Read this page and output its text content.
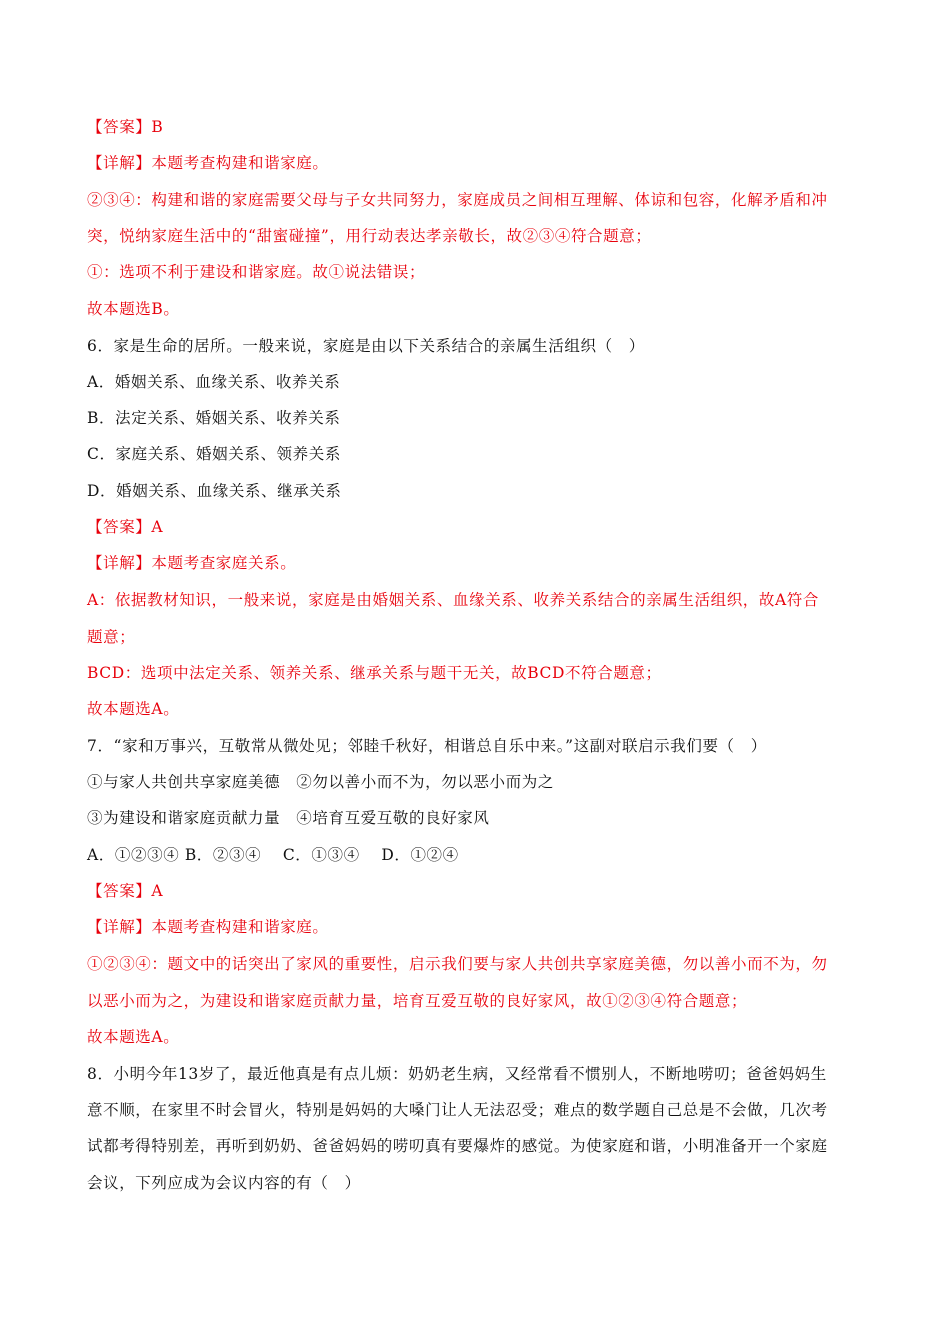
【答案】B
【详解】本题考查构建和谐家庭。
②③④：构建和谐的家庭需要父母与子女共同努力，家庭成员之间相互理解、体谅和包容，化解矛盾和冲
突，悦纳家庭生活中的“甜蜜碰撞”，用行动表达孝亲敬长，故②③④符合题意；
①：选项不利于建设和谐家庭。故①说法错误；
故本题选B。
6．家是生命的居所。一般来说，家庭是由以下关系结合的亲属生活组织（　）
A．婚姻关系、血缘关系、收养关系
B．法定关系、婚姻关系、收养关系
C．家庭关系、婚姻关系、领养关系
D．婚姻关系、血缘关系、继承关系
【答案】A
【详解】本题考查家庭关系。
A：依据教材知识，一般来说，家庭是由婚姻关系、血缘关系、收养关系结合的亲属生活组织，故A符合
题意；
BCD：选项中法定关系、领养关系、继承关系与题干无关，故BCD不符合题意；
故本题选A。
7．“家和万事兴，互敬常从微处见；邻睦千秋好，相谐总自乐中来。”这副对联启示我们要（　）
①与家人共创共享家庭美德　②勿以善小而不为，勿以恶小而为之
③为建设和谐家庭贡献力量　④培育互爱互敬的良好家风
A．①②③④ B．②③④　 C．①③④　 D．①②④
【答案】A
【详解】本题考查构建和谐家庭。
①②③④：题文中的话突出了家风的重要性，启示我们要与家人共创共享家庭美德，勿以善小而不为，勿
以恶小而为之，为建设和谐家庭贡献力量，培育互爱互敬的良好家风，故①②③④符合题意；
故本题选A。
8．小明今年13岁了，最近他真是有点儿烦：奶奶老生病，又经常看不惯别人，不断地唠叨；爸爸妈妈生
意不顺，在家里不时会冒火，特别是妈妈的大嗓门让人无法忍受；难点的数学题自己总是不会做，几次考
试都考得特别差，再听到奶奶、爸爸妈妈的唠叨真有要爆炸的感觉。为使家庭和谐，小明准备开一个家庭
会议，下列应成为会议内容的有（　）
